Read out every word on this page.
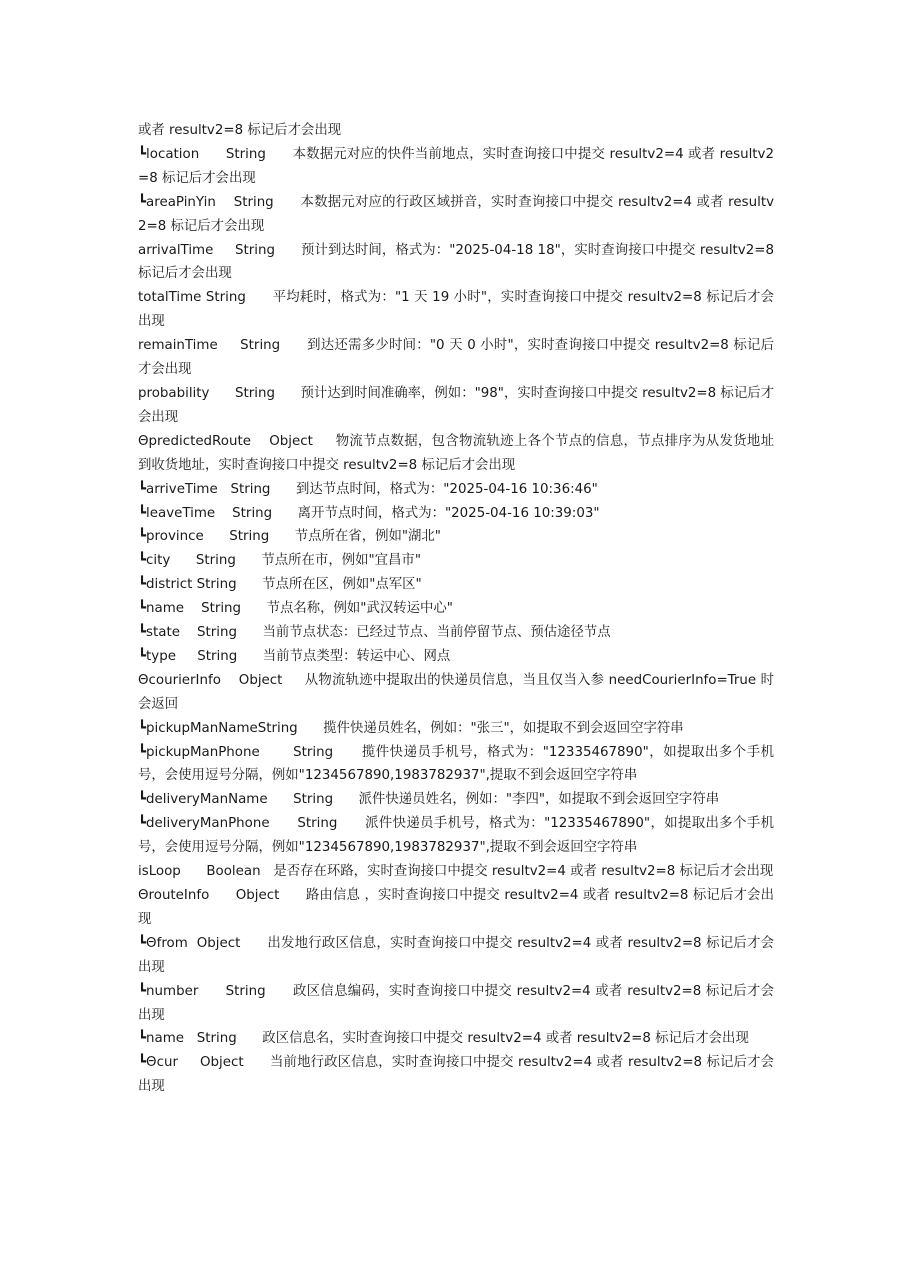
或者 resultv2=8 标记后才会出现

┗location      String      本数据元对应的快件当前地点，实时查询接口中提交 resultv2=4 或者 resultv2=8 标记后才会出现

┗areaPinYin    String      本数据元对应的行政区域拼音，实时查询接口中提交 resultv2=4 或者 resultv2=8 标记后才会出现

arrivalTime     String      预计到达时间，格式为："2025-04-18 18"，实时查询接口中提交 resultv2=8 标记后才会出现

totalTime String      平均耗时，格式为："1 天 19 小时"，实时查询接口中提交 resultv2=8 标记后才会出现

remainTime     String      到达还需多少时间："0 天 0 小时"，实时查询接口中提交 resultv2=8 标记后才会出现

probability      String      预计达到时间准确率，例如："98"，实时查询接口中提交 resultv2=8 标记后才会出现

ΘpredictedRoute    Object     物流节点数据，包含物流轨迹上各个节点的信息，节点排序为从发货地址到收货地址，实时查询接口中提交 resultv2=8 标记后才会出现

┗arriveTime   String      到达节点时间，格式为："2025-04-16 10:36:46"

┗leaveTime    String      离开节点时间，格式为："2025-04-16 10:39:03"

┗province      String      节点所在省，例如"湖北"

┗city      String      节点所在市，例如"宜昌市"

┗district String      节点所在区，例如"点军区"

┗name    String      节点名称，例如"武汉转运中心"

┗state    String      当前节点状态：已经过节点、当前停留节点、预估途径节点

┗type     String      当前节点类型：转运中心、网点

ΘcourierInfo    Object     从物流轨迹中提取出的快递员信息，当且仅当入参 needCourierInfo=True 时会返回

┗pickupManNameString      揽件快递员姓名，例如："张三"，如提取不到会返回空字符串

┗pickupManPhone       String      揽件快递员手机号，格式为："12335467890"，如提取出多个手机号，会使用逗号分隔，例如"1234567890,1983782937",提取不到会返回空字符串

┗deliveryManName      String      派件快递员姓名，例如："李四"，如提取不到会返回空字符串

┗deliveryManPhone      String      派件快递员手机号，格式为："12335467890"，如提取出多个手机号，会使用逗号分隔，例如"1234567890,1983782937",提取不到会返回空字符串

isLoop      Boolean   是否存在环路，实时查询接口中提交 resultv2=4 或者 resultv2=8 标记后才会出现

ΘrouteInfo      Object      路由信息 ，实时查询接口中提交 resultv2=4 或者 resultv2=8 标记后才会出现

┗Θfrom  Object      出发地行政区信息，实时查询接口中提交 resultv2=4 或者 resultv2=8 标记后才会出现

┗number      String      政区信息编码，实时查询接口中提交 resultv2=4 或者 resultv2=8 标记后才会出现

┗name   String      政区信息名，实时查询接口中提交 resultv2=4 或者 resultv2=8 标记后才会出现

┗Θcur     Object      当前地行政区信息，实时查询接口中提交 resultv2=4 或者 resultv2=8 标记后才会出现
